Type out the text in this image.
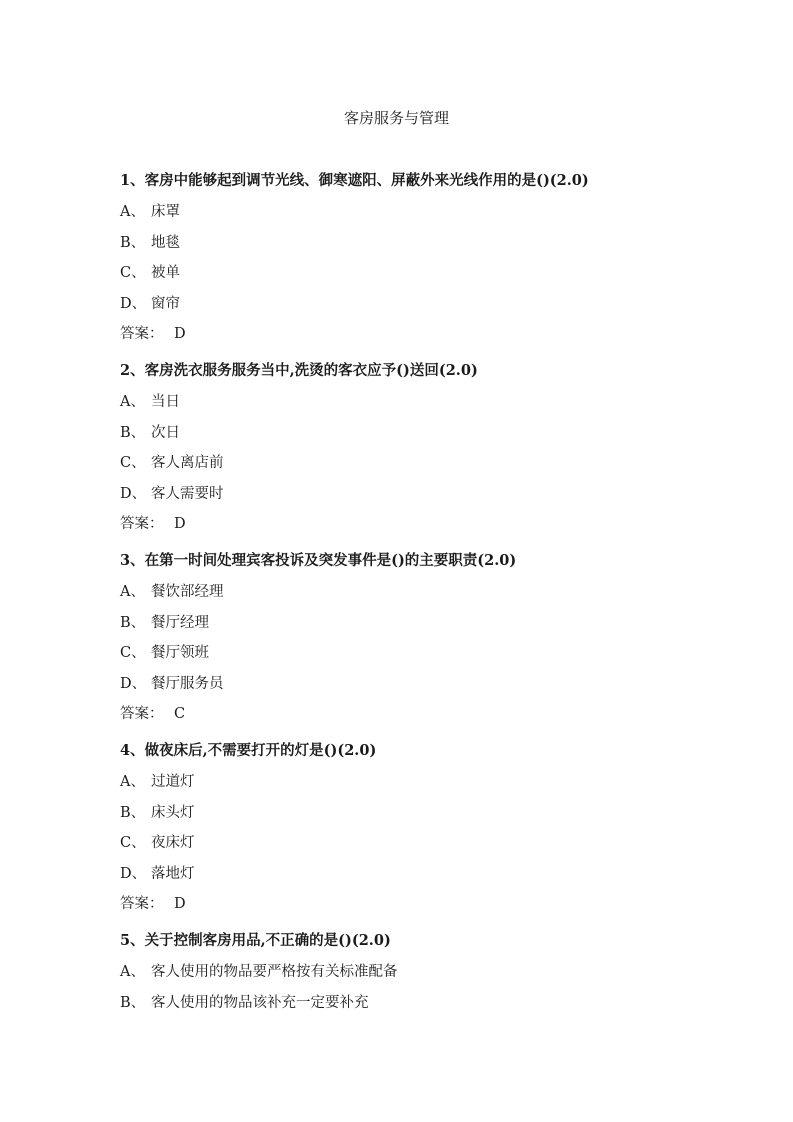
客房服务与管理
1、客房中能够起到调节光线、御寒遮阳、屏蔽外来光线作用的是()(2.0)
A、 床罩
B、 地毯
C、 被单
D、 窗帘
答案： D
2、客房洗衣服务服务当中,洗烫的客衣应予()送回(2.0)
A、 当日
B、 次日
C、 客人离店前
D、 客人需要时
答案： D
3、在第一时间处理宾客投诉及突发事件是()的主要职责(2.0)
A、 餐饮部经理
B、 餐厅经理
C、 餐厅领班
D、 餐厅服务员
答案： C
4、做夜床后,不需要打开的灯是()(2.0)
A、 过道灯
B、 床头灯
C、 夜床灯
D、 落地灯
答案： D
5、关于控制客房用品,不正确的是()(2.0)
A、 客人使用的物品要严格按有关标准配备
B、 客人使用的物品该补充一定要补充
